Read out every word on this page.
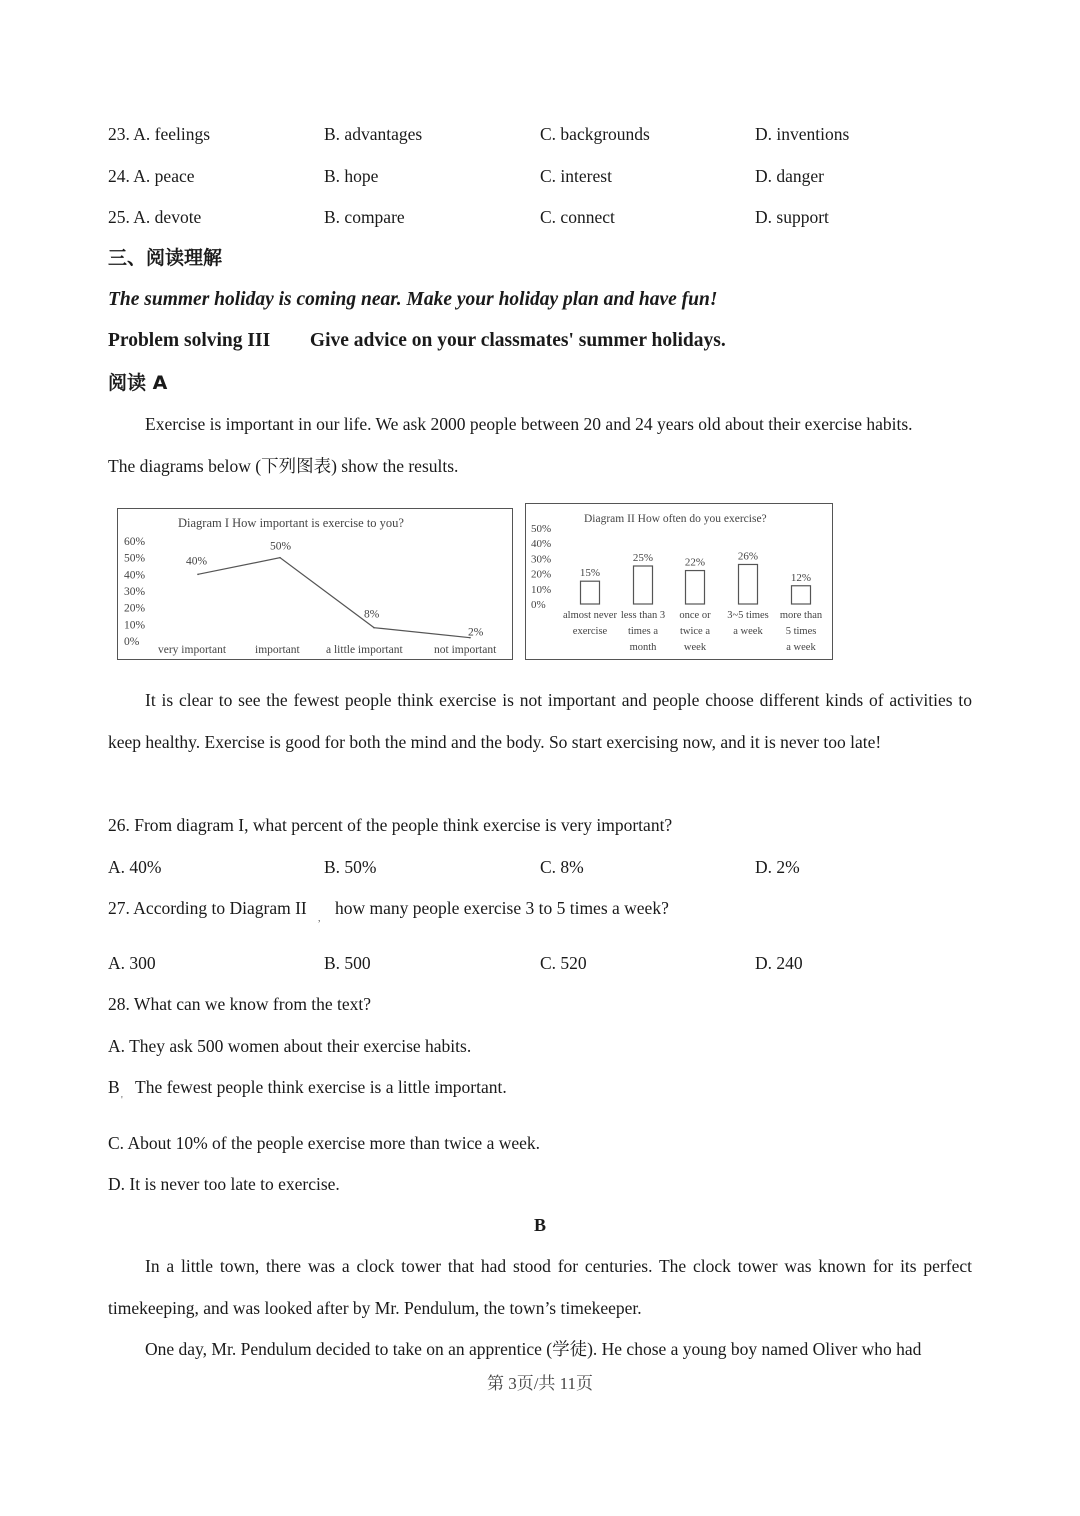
23. A. feelings	B. advantages	C. backgrounds	D. inventions
24. A. peace	B. hope	C. interest	D. danger
25. A. devote	B. compare	C. connect	D. support
三、阅读理解
The summer holiday is coming near. Make your holiday plan and have fun!
Problem solving III Give advice on your classmates' summer holidays.
阅读 A
Exercise is important in our life. We ask 2000 people between 20 and 24 years old about their exercise habits.
The diagrams below (下列图表) show the results.
Diagram I How important is exercise to you?
60%
50%
40%
30%
20%
10%
0%
40%
50%
8%
2%
very important	important a little important	not important
Diagram II How often do you exercise?
50%
40%
30%
20%
10%
0%
15%
almost never
exercise
25%
less than 3
times a
month
22%
once or
twice a
week
26%
3~5 times
a week
12%
more than
5 times
a week
It is clear to see the fewest people think exercise is not important and people choose different kinds of activities to keep healthy. Exercise is good for both the mind and the body. So start exercising now, and it is never too late!
26. From diagram I, what percent of the people think exercise is very important?
A. 40%	B. 50%	C. 8%	D. 2%
27. According to Diagram II
,
how many people exercise 3 to 5 times a week?
A. 300	B. 500	C. 520	D. 240
28. What can we know from the text?
A. They ask 500 women about their exercise habits.
B
'
The fewest people think exercise is a little important.
C. About 10% of the people exercise more than twice a week.
D. It is never too late to exercise.
B
In a little town, there was a clock tower that had stood for centuries. The clock tower was known for its perfect timekeeping, and was looked after by Mr. Pendulum, the town’s timekeeper.
One day, Mr. Pendulum decided to take on an apprentice (学徒). He chose a young boy named Oliver who had
第 3页/共 11页
